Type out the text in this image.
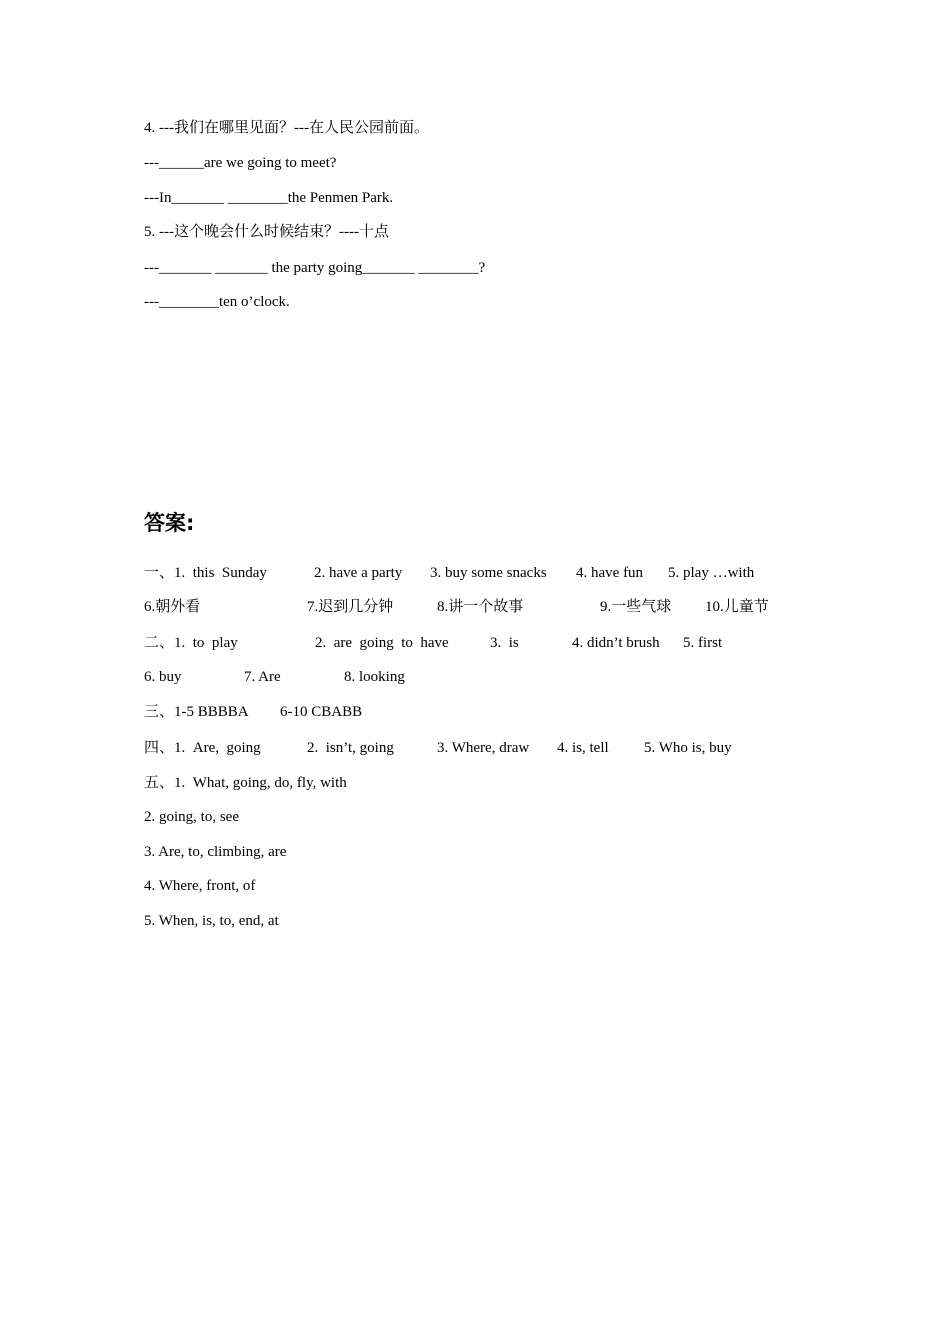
4. ---我们在哪里见面？---在人民公园前面。
---______are we going to meet?
---In_______ ________the Penmen Park.
5. ---这个晚会什么时候结束？----十点
---_______ _______ the party going_______ ________?
---________ten o’clock.
答案:
一、1.  this  Sunday	2. have a party 3. buy some snacks 4. have fun 5. play …with
6.朝外看	7.迟到几分钟	8.讲一个故事	9.一些气球 10.儿童节
二、1.  to  play	2.  are  going  to  have	3.  is	4. didn’t brush 5. first
6. buy	7. Are	8. looking
三、1-5 BBBBA 6-10 CBABB
四、1.  Are,  going	2.  isn’t, going	3. Where, draw 4. is, tell 5. Who is, buy
五、1.  What, going, do, fly, with
2. going, to, see
3. Are, to, climbing, are
4. Where, front, of
5. When, is, to, end, at
